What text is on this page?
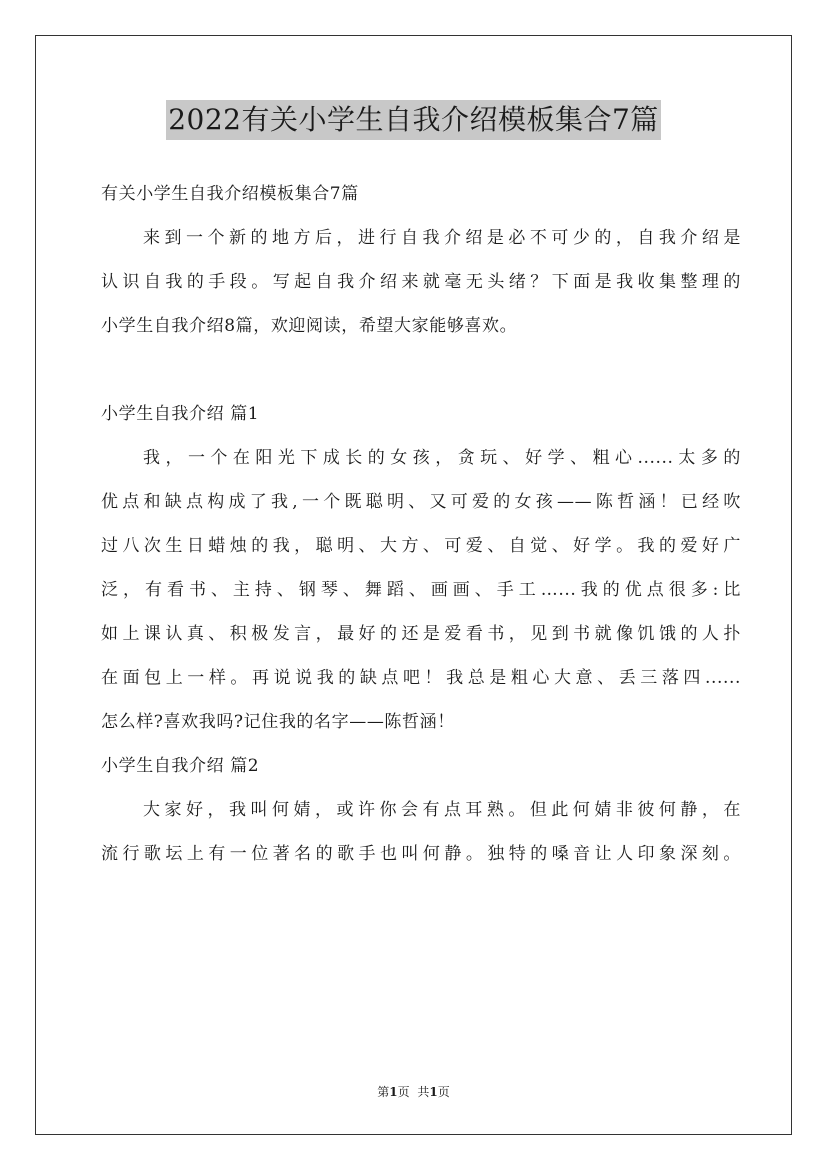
2022有关小学生自我介绍模板集合7篇
有关小学生自我介绍模板集合7篇
来到一个新的地方后，进行自我介绍是必不可少的，自我介绍是
认识自我的手段。写起自我介绍来就毫无头绪？下面是我收集整理的
小学生自我介绍8篇，欢迎阅读，希望大家能够喜欢。
小学生自我介绍 篇1
我，一个在阳光下成长的女孩，贪玩、好学、粗心......太多的
优点和缺点构成了我,一个既聪明、又可爱的女孩——陈哲涵！已经吹
过八次生日蜡烛的我，聪明、大方、可爱、自觉、好学。我的爱好广
泛，有看书、主持、钢琴、舞蹈、画画、手工…...我的优点很多:比
如上课认真、积极发言，最好的还是爱看书，见到书就像饥饿的人扑
在面包上一样。再说说我的缺点吧！我总是粗心大意、丢三落四......
怎么样?喜欢我吗?记住我的名字——陈哲涵！
小学生自我介绍 篇2
大家好，我叫何婧，或许你会有点耳熟。但此何婧非彼何静，在
流行歌坛上有一位著名的歌手也叫何静。独特的嗓音让人印象深刻。
第1页 共1页
